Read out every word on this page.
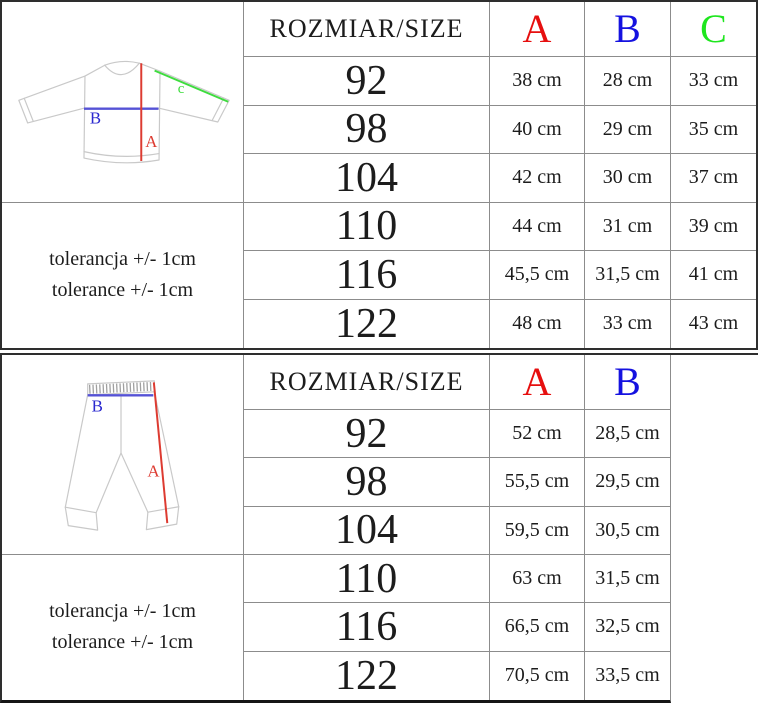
B
A
c
ROZMIAR/SIZE	A	B	C
92	38 cm	28 cm	33 cm
98	40 cm	29 cm	35 cm
104	42 cm	30 cm	37 cm
tolerancja +/- 1cm
tolerance +/- 1cm
110	44 cm	31 cm	39 cm
116	45,5 cm	31,5 cm	41 cm
122	48 cm	33 cm	43 cm
B
A
ROZMIAR/SIZE	A	B
92	52 cm	28,5 cm
98	55,5 cm	29,5 cm
104	59,5 cm	30,5 cm
tolerancja +/- 1cm
tolerance +/- 1cm
110	63 cm	31,5 cm
116	66,5 cm	32,5 cm
122	70,5 cm	33,5 cm
